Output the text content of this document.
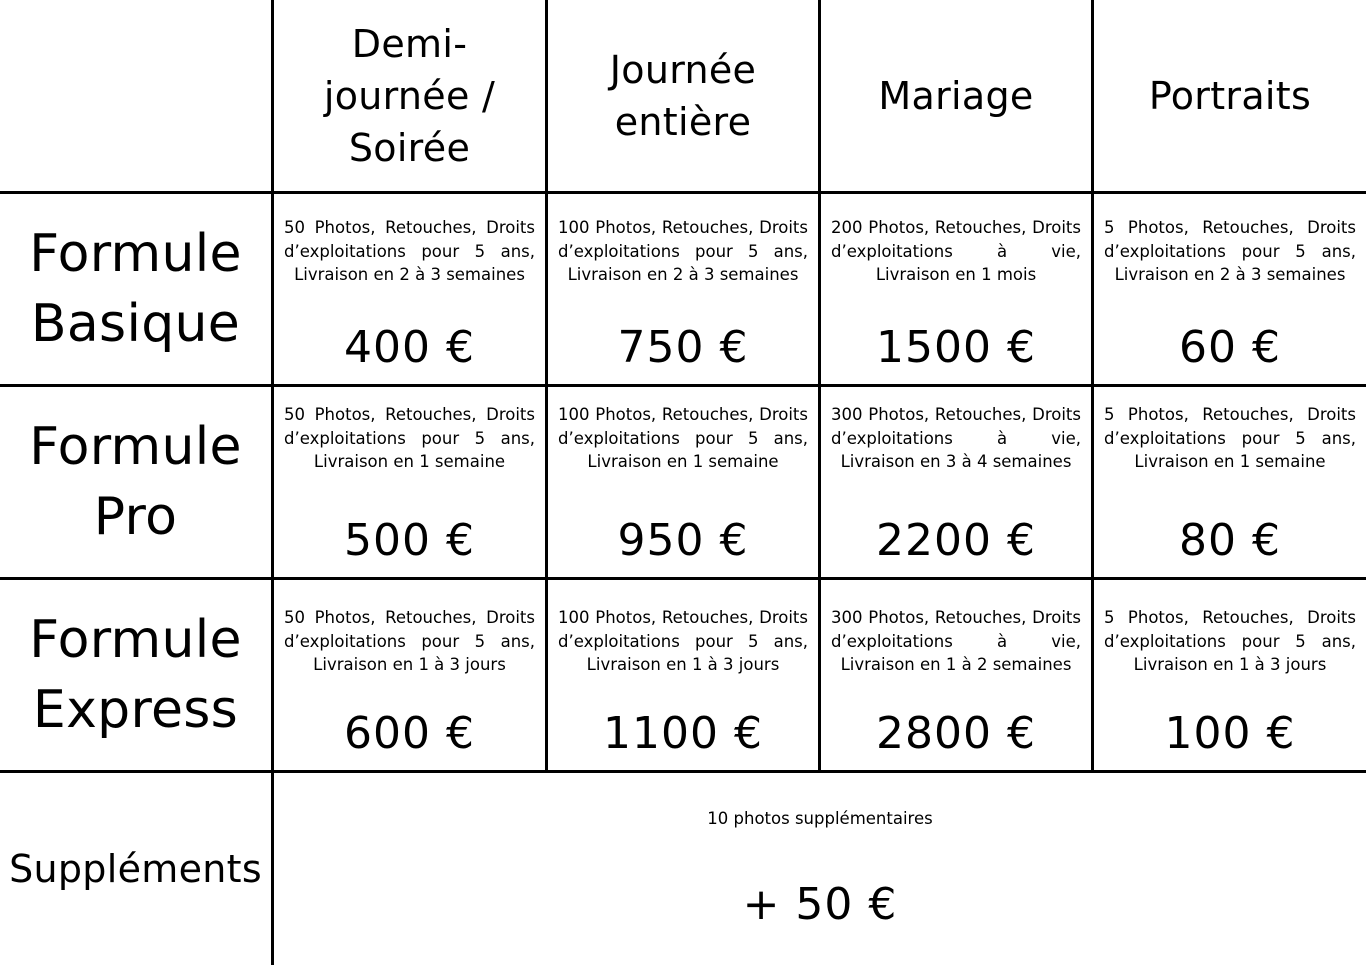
Demi-journée / Soirée
Journée entière
Mariage	Portraits
Formule Basique
Formule Pro
Formule Express
Suppléments
50 Photos, Retouches, Droits d’exploitations pour 5 ans, Livraison en 2 à 3 semaines
400 €
100 Photos, Retouches, Droits d’exploitations pour 5 ans, Livraison en 2 à 3 semaines
750 €
200 Photos, Retouches, Droits d’exploitations à vie, Livraison en 1 mois
1500 €
5 Photos, Retouches, Droits d’exploitations pour 5 ans, Livraison en 2 à 3 semaines
60 €
50 Photos, Retouches, Droits d’exploitations pour 5 ans, Livraison en 1 semaine
500 €
100 Photos, Retouches, Droits d’exploitations pour 5 ans, Livraison en 1 semaine
950 €
300 Photos, Retouches, Droits d’exploitations à vie, Livraison en 3 à 4 semaines
2200 €
5 Photos, Retouches, Droits d’exploitations pour 5 ans, Livraison en 1 semaine
80 €
50 Photos, Retouches, Droits d’exploitations pour 5 ans, Livraison en 1 à 3 jours
600 €
100 Photos, Retouches, Droits d’exploitations pour 5 ans, Livraison en 1 à 3 jours
1100 €
300 Photos, Retouches, Droits d’exploitations à vie, Livraison en 1 à 2 semaines
2800 €
5 Photos, Retouches, Droits d’exploitations pour 5 ans, Livraison en 1 à 3 jours
100 €
10 photos supplémentaires
+ 50 €
